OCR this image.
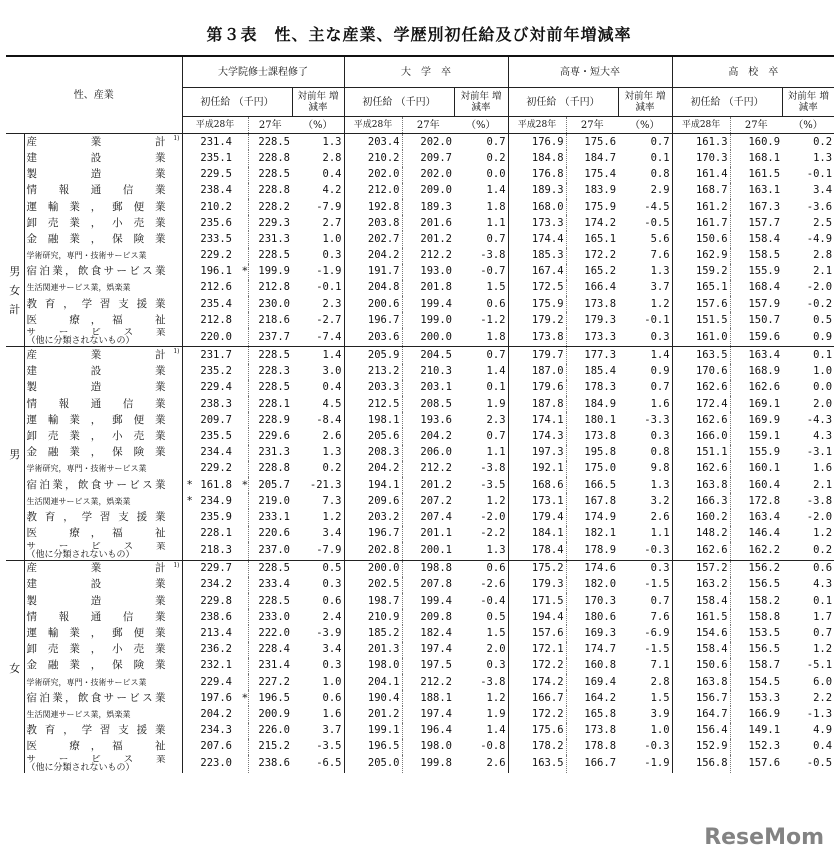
第３表　性、主な産業、学歴別初任給及び対前年増減率
性、産業		大学院修士課程修了				大　学　卒			高専・短大卒			高　校　卒		
		初任給 （千円）			対前年 増減率	初任給 （千円）		対前年 増減率	初任給 （千円）		対前年 増減率	初任給 （千円）		対前年 増減率
		平成28年		27年	（%）	平成28年	27年	（%）	平成28年	27年	（%）	平成28年	27年	（%）

男
女
計	産　　　業　　　計 1)	231.4		228.5	1.3	203.4	202.0	0.7	176.9	175.6	0.7	161.3	160.9	0.2
	建　　設　　業	235.1		228.8	2.8	210.2	209.7	0.2	184.8	184.7	0.1	170.3	168.1	1.3
	製　　造　　業	229.5		228.5	0.4	202.0	202.0	0.0	176.8	175.4	0.8	161.4	161.5	-0.1
	情　報　通　信　業	238.4		228.8	4.2	212.0	209.0	1.4	189.3	183.9	2.9	168.7	163.1	3.4
	運輸業，郵便業	210.2		228.2	-7.9	192.8	189.3	1.8	168.0	175.9	-4.5	161.2	167.3	-3.6
	卸売業，小売業	235.6		229.3	2.7	203.8	201.6	1.1	173.3	174.2	-0.5	161.7	157.7	2.5
	金融業，保険業	233.5		231.3	1.0	202.7	201.2	0.7	174.4	165.1	5.6	150.6	158.4	-4.9
	学術研究，専門・技術サービス業	229.2		228.5	0.3	204.2	212.2	-3.8	185.3	172.2	7.6	162.9	158.5	2.8
	宿泊業，飲食サービス業	196.1	*	199.9	-1.9	191.7	193.0	-0.7	167.4	165.2	1.3	159.2	155.9	2.1
	生活関連サービス業，娯楽業	212.6		212.8	-0.1	204.8	201.8	1.5	172.5	166.4	3.7	165.1	168.4	-2.0
	教育，学習支援業	235.4		230.0	2.3	200.6	199.4	0.6	175.9	173.8	1.2	157.6	157.9	-0.2
	医　療，福　祉	212.8		218.6	-2.7	196.7	199.0	-1.2	179.2	179.3	-0.1	151.5	150.7	0.5

	サ　ー　ビ　ス　業
（他に分類されないもの）	220.0		237.7	-7.4	203.6	200.0	1.8	173.8	173.3	0.3	161.0	159.6	0.9

男	産　　　業　　　計 1)	231.7		228.5	1.4	205.9	204.5	0.7	179.7	177.3	1.4	163.5	163.4	0.1
	建　　設　　業	235.2		228.3	3.0	213.2	210.3	1.4	187.0	185.4	0.9	170.6	168.9	1.0
	製　　造　　業	229.4		228.5	0.4	203.3	203.1	0.1	179.6	178.3	0.7	162.6	162.6	0.0
	情　報　通　信　業	238.3		228.1	4.5	212.5	208.5	1.9	187.8	184.9	1.6	172.4	169.1	2.0
	運輸業，郵便業	209.7		228.9	-8.4	198.1	193.6	2.3	174.1	180.1	-3.3	162.6	169.9	-4.3
	卸売業，小売業	235.5		229.6	2.6	205.6	204.2	0.7	174.3	173.8	0.3	166.0	159.1	4.3
	金融業，保険業	234.4		231.3	1.3	208.3	206.0	1.1	197.3	195.8	0.8	151.1	155.9	-3.1
	学術研究，専門・技術サービス業	229.2		228.8	0.2	204.2	212.2	-3.8	192.1	175.0	9.8	162.6	160.1	1.6
	宿泊業，飲食サービス業	* 161.8	*	205.7	-21.3	194.1	201.2	-3.5	168.6	166.5	1.3	163.8	160.4	2.1
	生活関連サービス業，娯楽業	* 234.9		219.0	7.3	209.6	207.2	1.2	173.1	167.8	3.2	166.3	172.8	-3.8
	教育，学習支援業	235.9		233.1	1.2	203.2	207.4	-2.0	179.4	174.9	2.6	160.2	163.4	-2.0
	医　療，福　祉	228.1		220.6	3.4	196.7	201.1	-2.2	184.1	182.1	1.1	148.2	146.4	1.2

	サ　ー　ビ　ス　業
（他に分類されないもの）	218.3		237.0	-7.9	202.8	200.1	1.3	178.4	178.9	-0.3	162.6	162.2	0.2

女	産　　　業　　　計 1)	229.7		228.5	0.5	200.0	198.8	0.6	175.2	174.6	0.3	157.2	156.2	0.6
	建　　設　　業	234.2		233.4	0.3	202.5	207.8	-2.6	179.3	182.0	-1.5	163.2	156.5	4.3
	製　　造　　業	229.8		228.5	0.6	198.7	199.4	-0.4	171.5	170.3	0.7	158.4	158.2	0.1
	情　報　通　信　業	238.6		233.0	2.4	210.9	209.8	0.5	194.4	180.6	7.6	161.5	158.8	1.7
	運輸業，郵便業	213.4		222.0	-3.9	185.2	182.4	1.5	157.6	169.3	-6.9	154.6	153.5	0.7
	卸売業，小売業	236.2		228.4	3.4	201.3	197.4	2.0	172.1	174.7	-1.5	158.4	156.5	1.2
	金融業，保険業	232.1		231.4	0.3	198.0	197.5	0.3	172.2	160.8	7.1	150.6	158.7	-5.1
	学術研究，専門・技術サービス業	229.4		227.2	1.0	204.1	212.2	-3.8	174.2	169.4	2.8	163.8	154.5	6.0
	宿泊業，飲食サービス業	197.6	*	196.5	0.6	190.4	188.1	1.2	166.7	164.2	1.5	156.7	153.3	2.2
	生活関連サービス業，娯楽業	204.2		200.9	1.6	201.2	197.4	1.9	172.2	165.8	3.9	164.7	166.9	-1.3
	教育，学習支援業	234.3		226.0	3.7	199.1	196.4	1.4	175.6	173.8	1.0	156.4	149.1	4.9
	医　療，福　祉	207.6		215.2	-3.5	196.5	198.0	-0.8	178.2	178.8	-0.3	152.9	152.3	0.4

	サ　ー　ビ　ス　業
（他に分類されないもの）	223.0		238.6	-6.5	205.0	199.8	2.6	163.5	166.7	-1.9	156.8	157.6	-0.5
ReseMom
